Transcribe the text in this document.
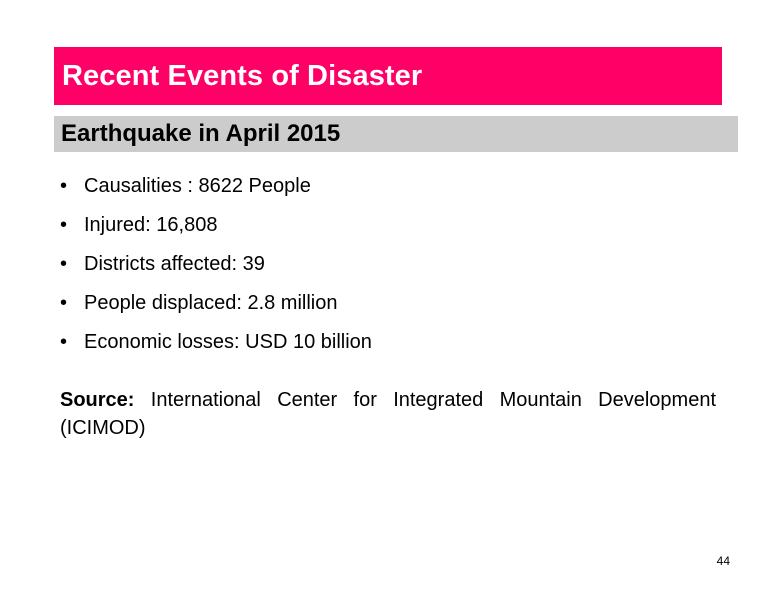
Recent Events of Disaster
Earthquake in April 2015
• Causalities : 8622 People
• Injured: 16,808
• Districts affected: 39
• People displaced: 2.8 million
• Economic losses: USD 10 billion

Source: International Center for Integrated Mountain Development (ICIMOD)

44
